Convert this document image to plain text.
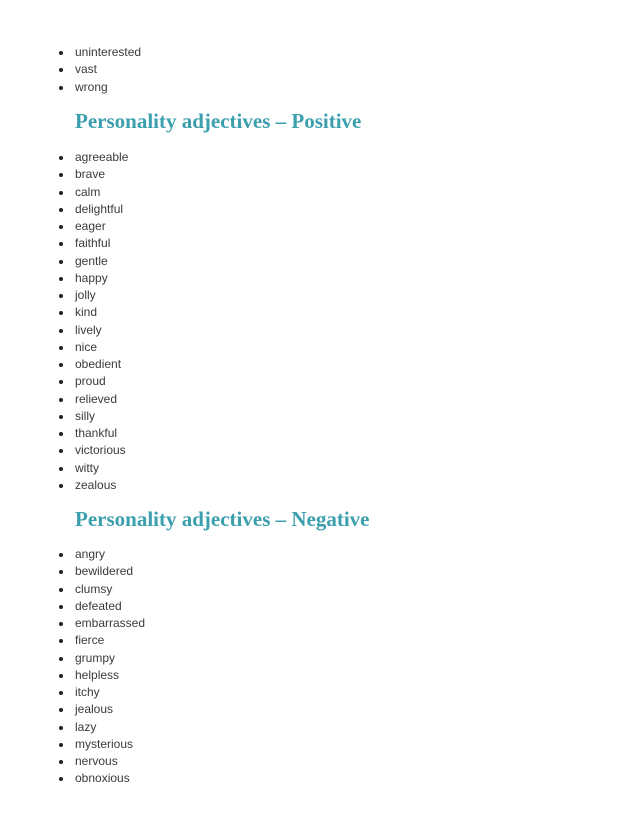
uninterested
vast
wrong
Personality adjectives – Positive
agreeable
brave
calm
delightful
eager
faithful
gentle
happy
jolly
kind
lively
nice
obedient
proud
relieved
silly
thankful
victorious
witty
zealous
Personality adjectives – Negative
angry
bewildered
clumsy
defeated
embarrassed
fierce
grumpy
helpless
itchy
jealous
lazy
mysterious
nervous
obnoxious
